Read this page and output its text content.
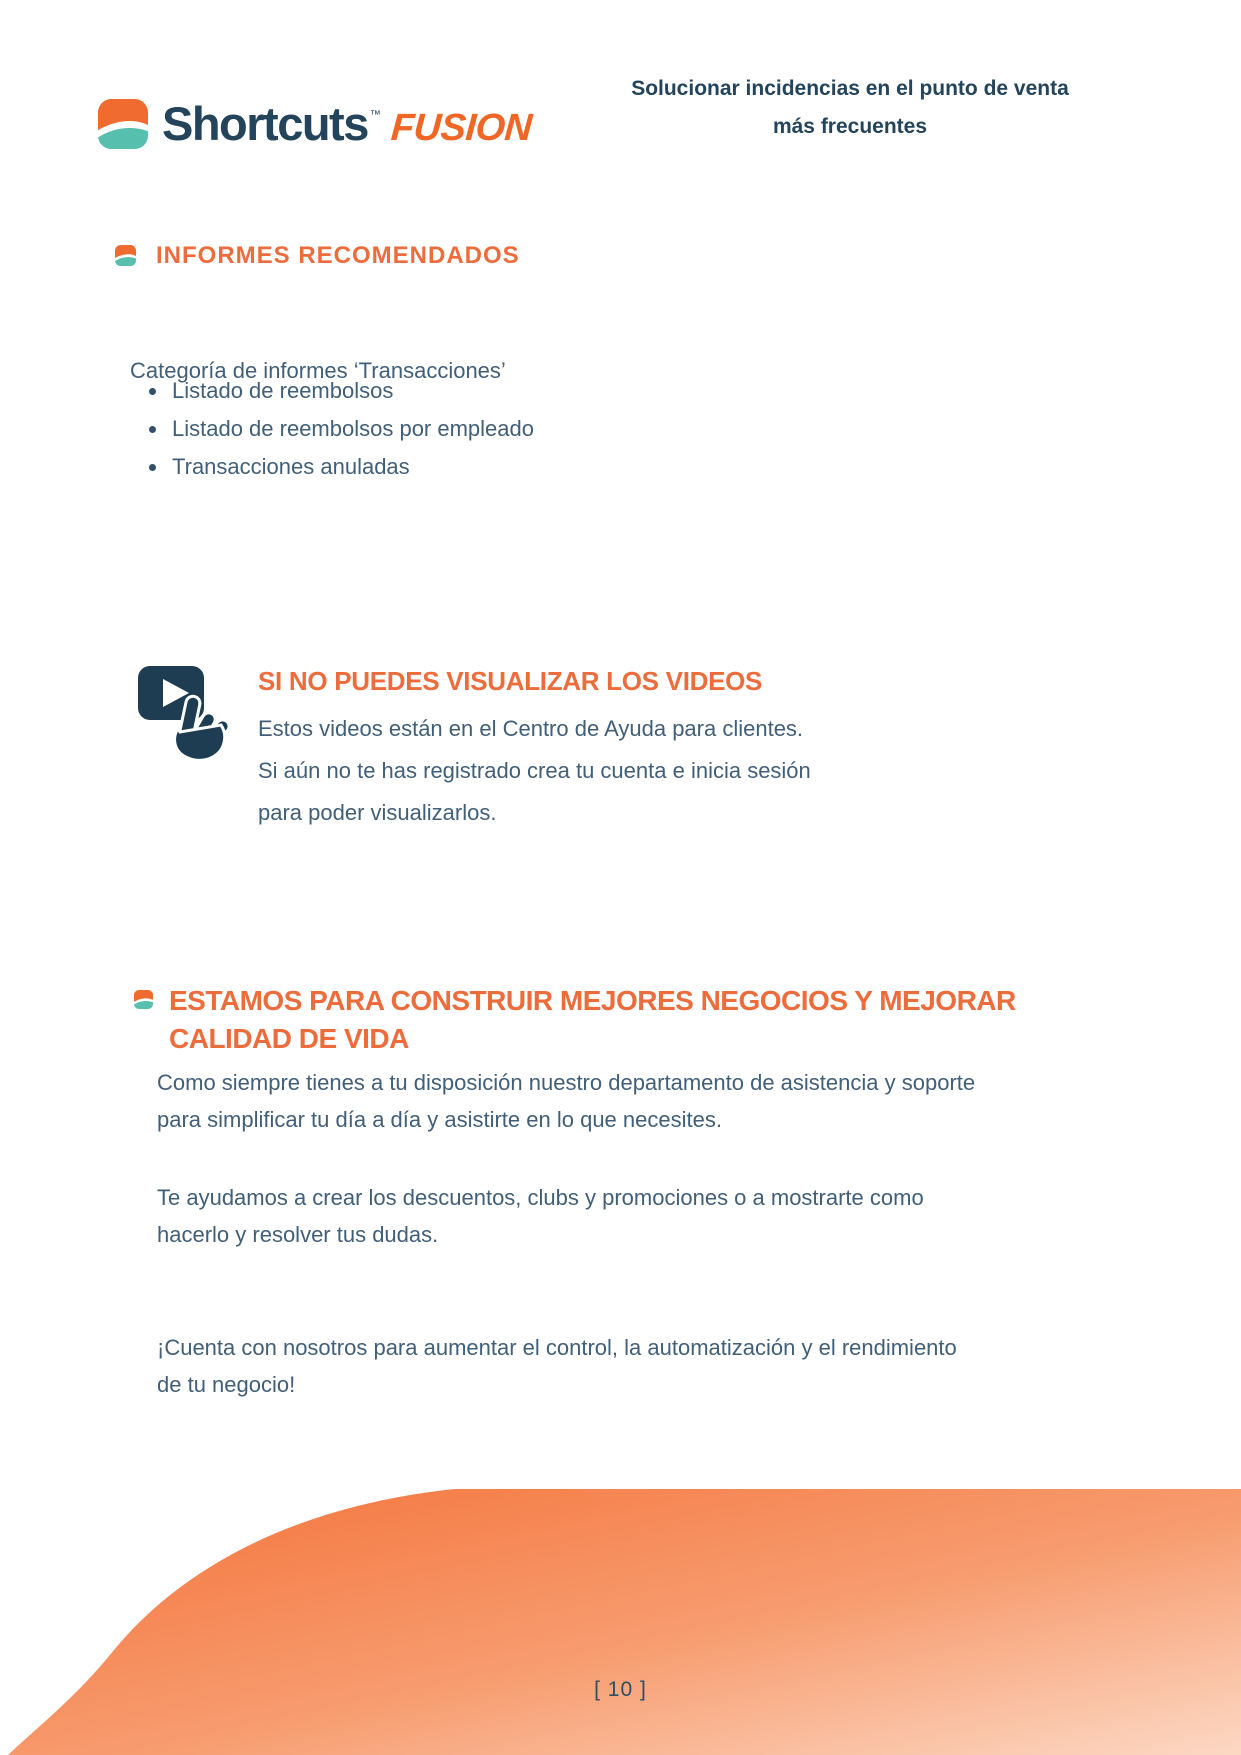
Shortcuts ™ FUSION
Solucionar incidencias en el punto de venta
más frecuentes
INFORMES RECOMENDADOS

Categoría de informes ‘Transacciones’

Listado de reembolsos
Listado de reembolsos por empleado
Transacciones anuladas
SI NO PUEDES VISUALIZAR LOS VIDEOS
Estos videos están en el Centro de Ayuda para clientes.
Si aún no te has registrado crea tu cuenta e inicia sesión
para poder visualizarlos.
ESTAMOS PARA CONSTRUIR MEJORES NEGOCIOS Y MEJORAR
CALIDAD DE VIDA
Como siempre tienes a tu disposición nuestro departamento de asistencia y soporte
para simplificar tu día a día y asistirte en lo que necesites.
Te ayudamos a crear los descuentos, clubs y promociones o a mostrarte como
hacerlo y resolver tus dudas.
¡Cuenta con nosotros para aumentar el control, la automatización y el rendimiento
de tu negocio!
[ 10 ]
